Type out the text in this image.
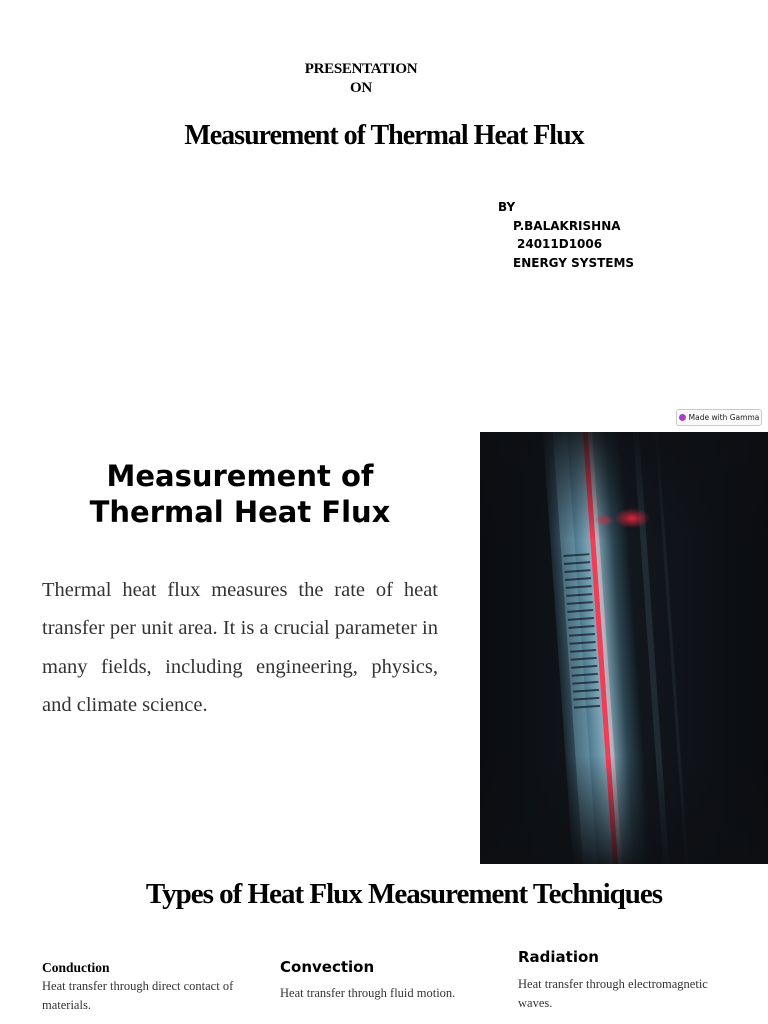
PRESENTATION
ON
Measurement of Thermal Heat Flux
BY
P.BALAKRISHNA
24011D1006
ENERGY SYSTEMS
Made with Gamma
Measurement of
Thermal Heat Flux
Thermal heat flux measures the rate of heat transfer per unit area. It is a crucial parameter in many fields, including engineering, physics, and climate science.
Types of Heat Flux Measurement Techniques
Conduction
Heat transfer through direct contact of materials.
Convection
Heat transfer through fluid motion.
Radiation
Heat transfer through electromagnetic waves.
